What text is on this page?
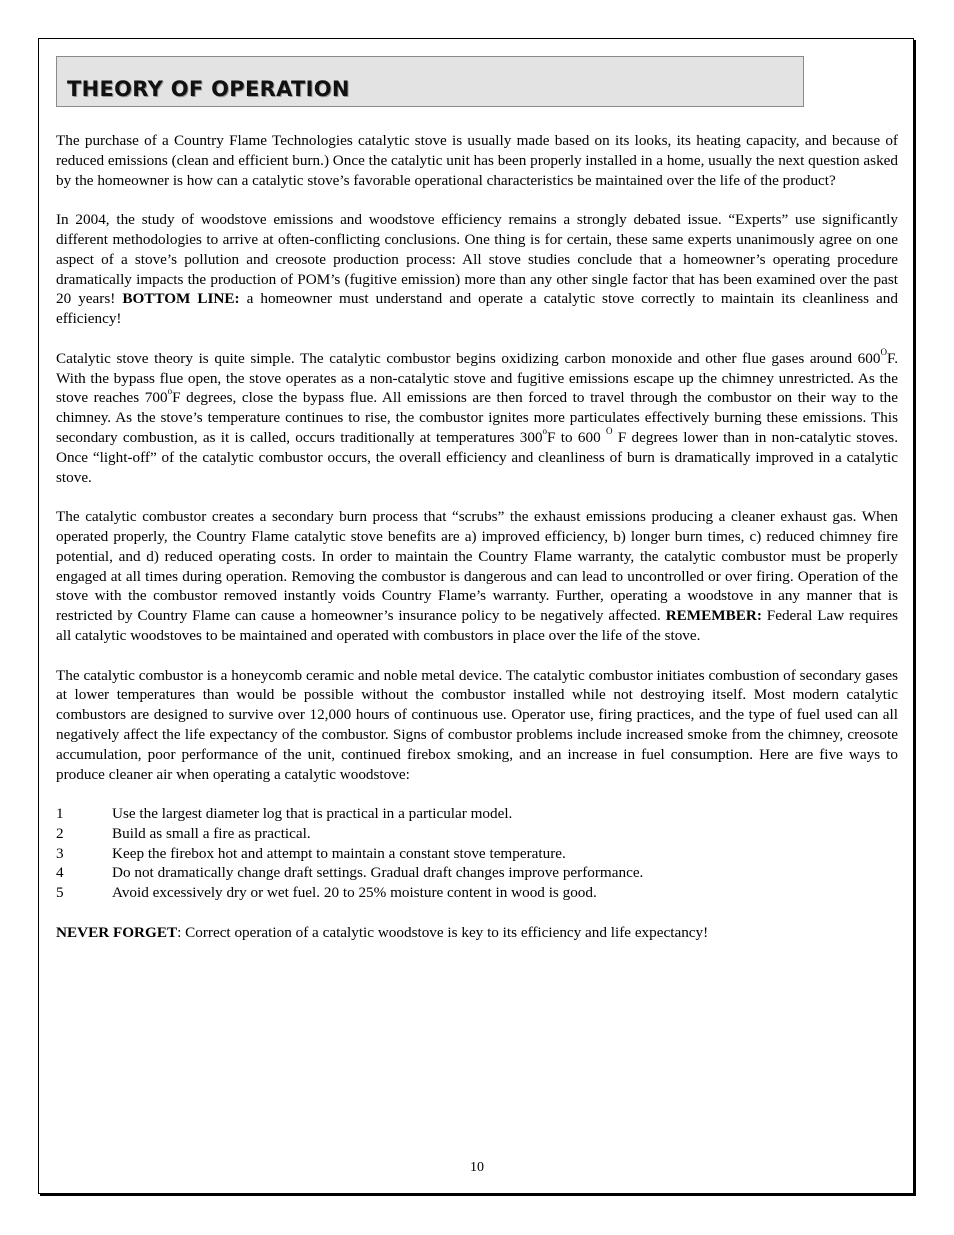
THEORY OF OPERATION

The purchase of a Country Flame Technologies catalytic stove is usually made based on its looks, its heating capacity, and because of reduced emissions (clean and efficient burn.) Once the catalytic unit has been properly installed in a home, usually the next question asked by the homeowner is how can a catalytic stove’s favorable operational characteristics be maintained over the life of the product?

In 2004, the study of woodstove emissions and woodstove efficiency remains a strongly debated issue. “Experts” use significantly different methodologies to arrive at often-conflicting conclusions. One thing is for certain, these same experts unanimously agree on one aspect of a stove’s pollution and creosote production process: All stove studies conclude that a homeowner’s operating procedure dramatically impacts the production of POM’s (fugitive emission) more than any other single factor that has been examined over the past 20 years! BOTTOM LINE: a homeowner must understand and operate a catalytic stove correctly to maintain its cleanliness and efficiency!

Catalytic stove theory is quite simple. The catalytic combustor begins oxidizing carbon monoxide and other flue gases around $600^OF$. With the bypass flue open, the stove operates as a non-catalytic stove and fugitive emissions escape up the chimney unrestricted. As the stove reaches 700$^o$F degrees, close the bypass flue. All emissions are then forced to travel through the combustor on their way to the chimney. As the stove’s temperature continues to rise, the combustor ignites more particulates effectively burning these emissions. This secondary combustion, as it is called, occurs traditionally at temperatures 300$^o$F to 600 $^O$ F degrees lower than in non-catalytic stoves. Once “light-off” of the catalytic combustor occurs, the overall efficiency and cleanliness of burn is dramatically improved in a catalytic stove.

The catalytic combustor creates a secondary burn process that “scrubs” the exhaust emissions producing a cleaner exhaust gas. When operated properly, the Country Flame catalytic stove benefits are a) improved efficiency, b) longer burn times, c) reduced chimney fire potential, and d) reduced operating costs. In order to maintain the Country Flame warranty, the catalytic combustor must be properly engaged at all times during operation. Removing the combustor is dangerous and can lead to uncontrolled or over firing. Operation of the stove with the combustor removed instantly voids Country Flame’s warranty. Further, operating a woodstove in any manner that is restricted by Country Flame can cause a homeowner’s insurance policy to be negatively affected. REMEMBER: Federal Law requires all catalytic woodstoves to be maintained and operated with combustors in place over the life of the stove.

The catalytic combustor is a honeycomb ceramic and noble metal device. The catalytic combustor initiates combustion of secondary gases at lower temperatures than would be possible without the combustor installed while not destroying itself. Most modern catalytic combustors are designed to survive over 12,000 hours of continuous use. Operator use, firing practices, and the type of fuel used can all negatively affect the life expectancy of the combustor. Signs of combustor problems include increased smoke from the chimney, creosote accumulation, poor performance of the unit, continued firebox smoking, and an increase in fuel consumption. Here are five ways to produce cleaner air when operating a catalytic woodstove:

1	Use the largest diameter log that is practical in a particular model.
2	Build as small a fire as practical.
3	Keep the firebox hot and attempt to maintain a constant stove temperature.
4	Do not dramatically change draft settings. Gradual draft changes improve performance.
5	Avoid excessively dry or wet fuel. 20 to 25% moisture content in wood is good.

NEVER FORGET: Correct operation of a catalytic woodstove is key to its efficiency and life expectancy!

10
